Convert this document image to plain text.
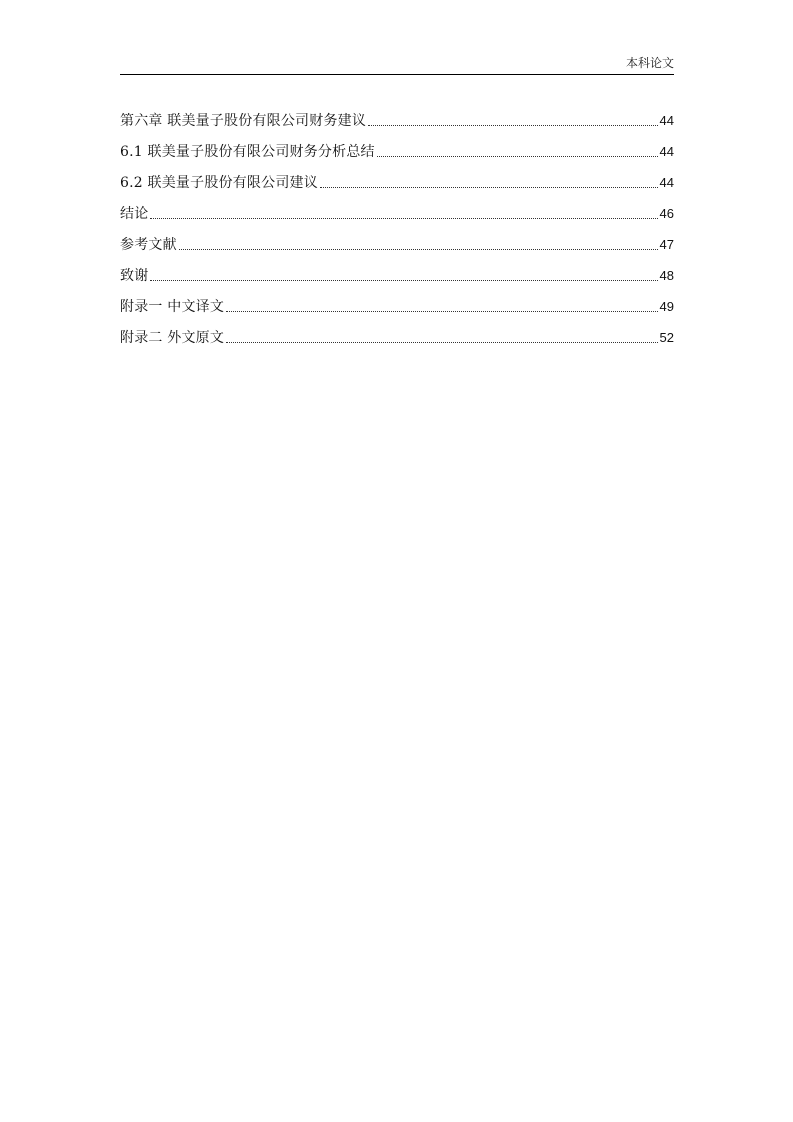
本科论文
第六章 联美量子股份有限公司财务建议	44
6.1 联美量子股份有限公司财务分析总结	44
6.2 联美量子股份有限公司建议	44
结论	46
参考文献	47
致谢	48
附录一 中文译文	49
附录二 外文原文	52
